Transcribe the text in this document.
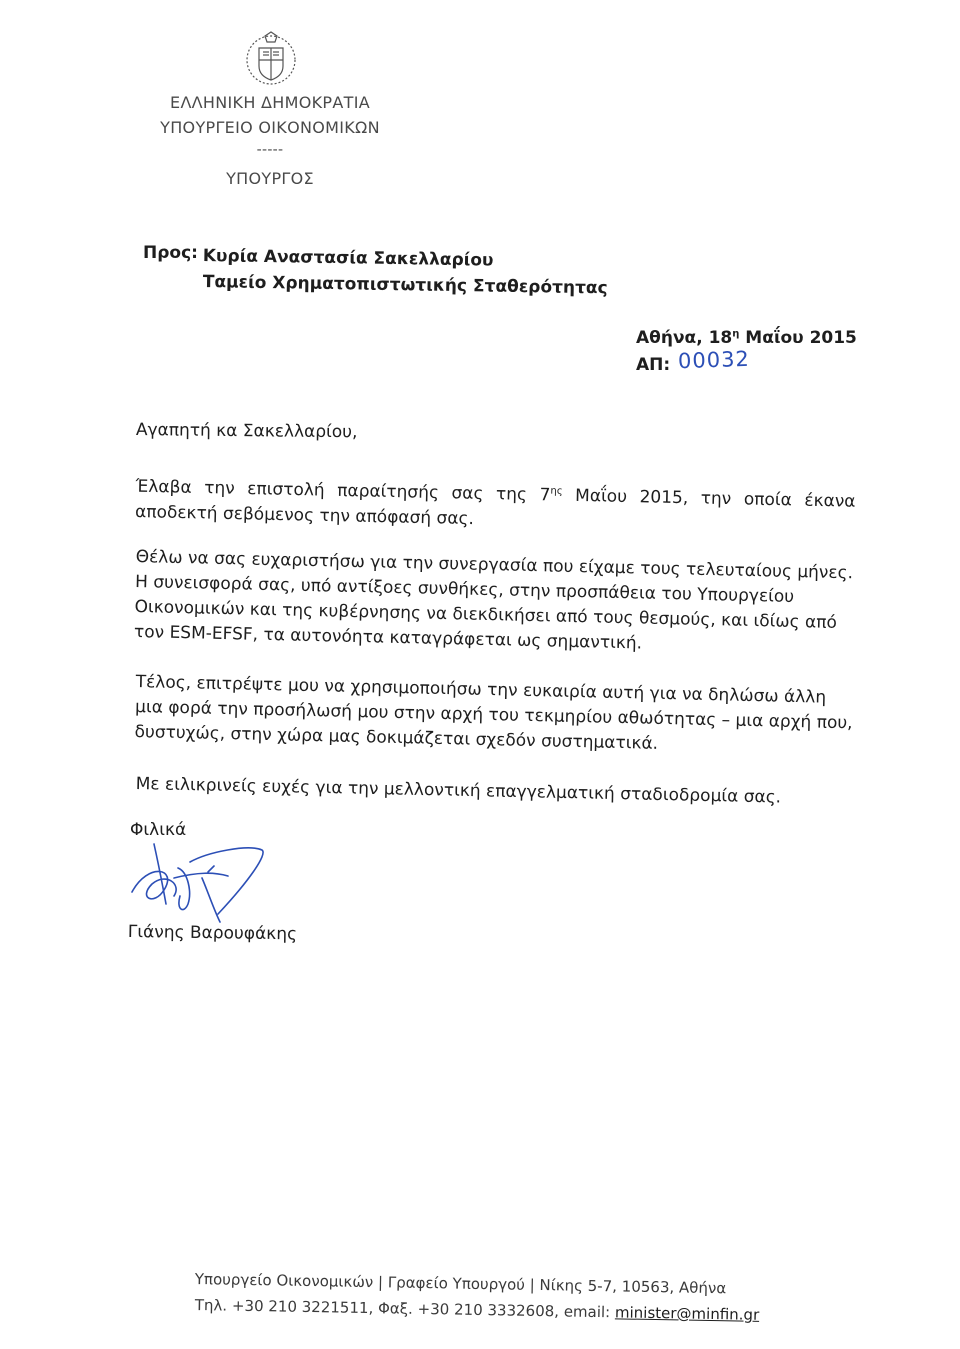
ΕΛΛΗΝΙΚΗ ΔΗΜΟΚΡΑΤΙΑ
ΥΠΟΥΡΓΕΙΟ ΟΙΚΟΝΟΜΙΚΩΝ
-----
ΥΠΟΥΡΓΟΣ
Προς: Κυρία Αναστασία Σακελλαρίου
Ταμείο Χρηματοπιστωτικής Σταθερότητας
Αθήνα, $18^\eta$ Μαΐου 2015
ΑΠ: 00032
Αγαπητή κα Σακελλαρίου,
Έλαβα την επιστολή παραίτησής σας της $7^{\eta\varsigma}$ Μαΐου 2015, την οποία έκανα αποδεκτή σεβόμενος την απόφασή σας.
Θέλω να σας ευχαριστήσω για την συνεργασία που είχαμε τους τελευταίους μήνες. Η συνεισφορά σας, υπό αντίξοες συνθήκες, στην προσπάθεια του Υπουργείου Οικονομικών και της κυβέρνησης να διεκδικήσει από τους θεσμούς, και ιδίως από τον ESM-EFSF, τα αυτονόητα καταγράφεται ως σημαντική.
Τέλος, επιτρέψτε μου να χρησιμοποιήσω την ευκαιρία αυτή για να δηλώσω άλλη μια φορά την προσήλωσή μου στην αρχή του τεκμηρίου αθωότητας – μια αρχή που, δυστυχώς, στην χώρα μας δοκιμάζεται σχεδόν συστηματικά.
Με ειλικρινείς ευχές για την μελλοντική επαγγελματική σταδιοδρομία σας.
Φιλικά
Γιάνης Βαρουφάκης
Υπουργείο Οικονομικών | Γραφείο Υπουργού | Νίκης 5-7, 10563, Αθήνα
Τηλ. +30 210 3221511, Φαξ. +30 210 3332608, email: minister@minfin.gr
